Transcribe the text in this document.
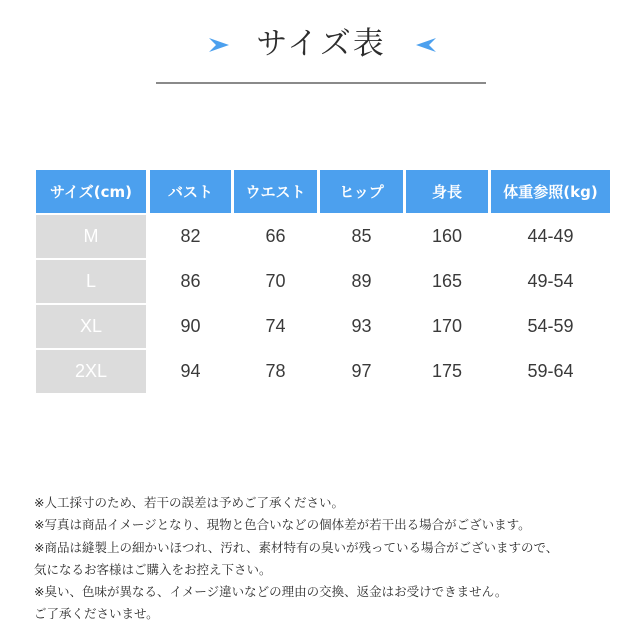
サイズ表
サイズ(cm)	バスト	ウエスト	ヒップ	身長	体重参照(kg)
M	82	66	85	160	44-49
L	86	70	89	165	49-54
XL	90	74	93	170	54-59
2XL	94	78	97	175	59-64
※人工採寸のため、若干の誤差は予めご了承ください。
※写真は商品イメージとなり、現物と色合いなどの個体差が若干出る場合がございます。
※商品は縫製上の細かいほつれ、汚れ、素材特有の臭いが残っている場合がございますので、
気になるお客様はご購入をお控え下さい。
※臭い、色味が異なる、イメージ違いなどの理由の交換、返金はお受けできません。
ご了承くださいませ。
